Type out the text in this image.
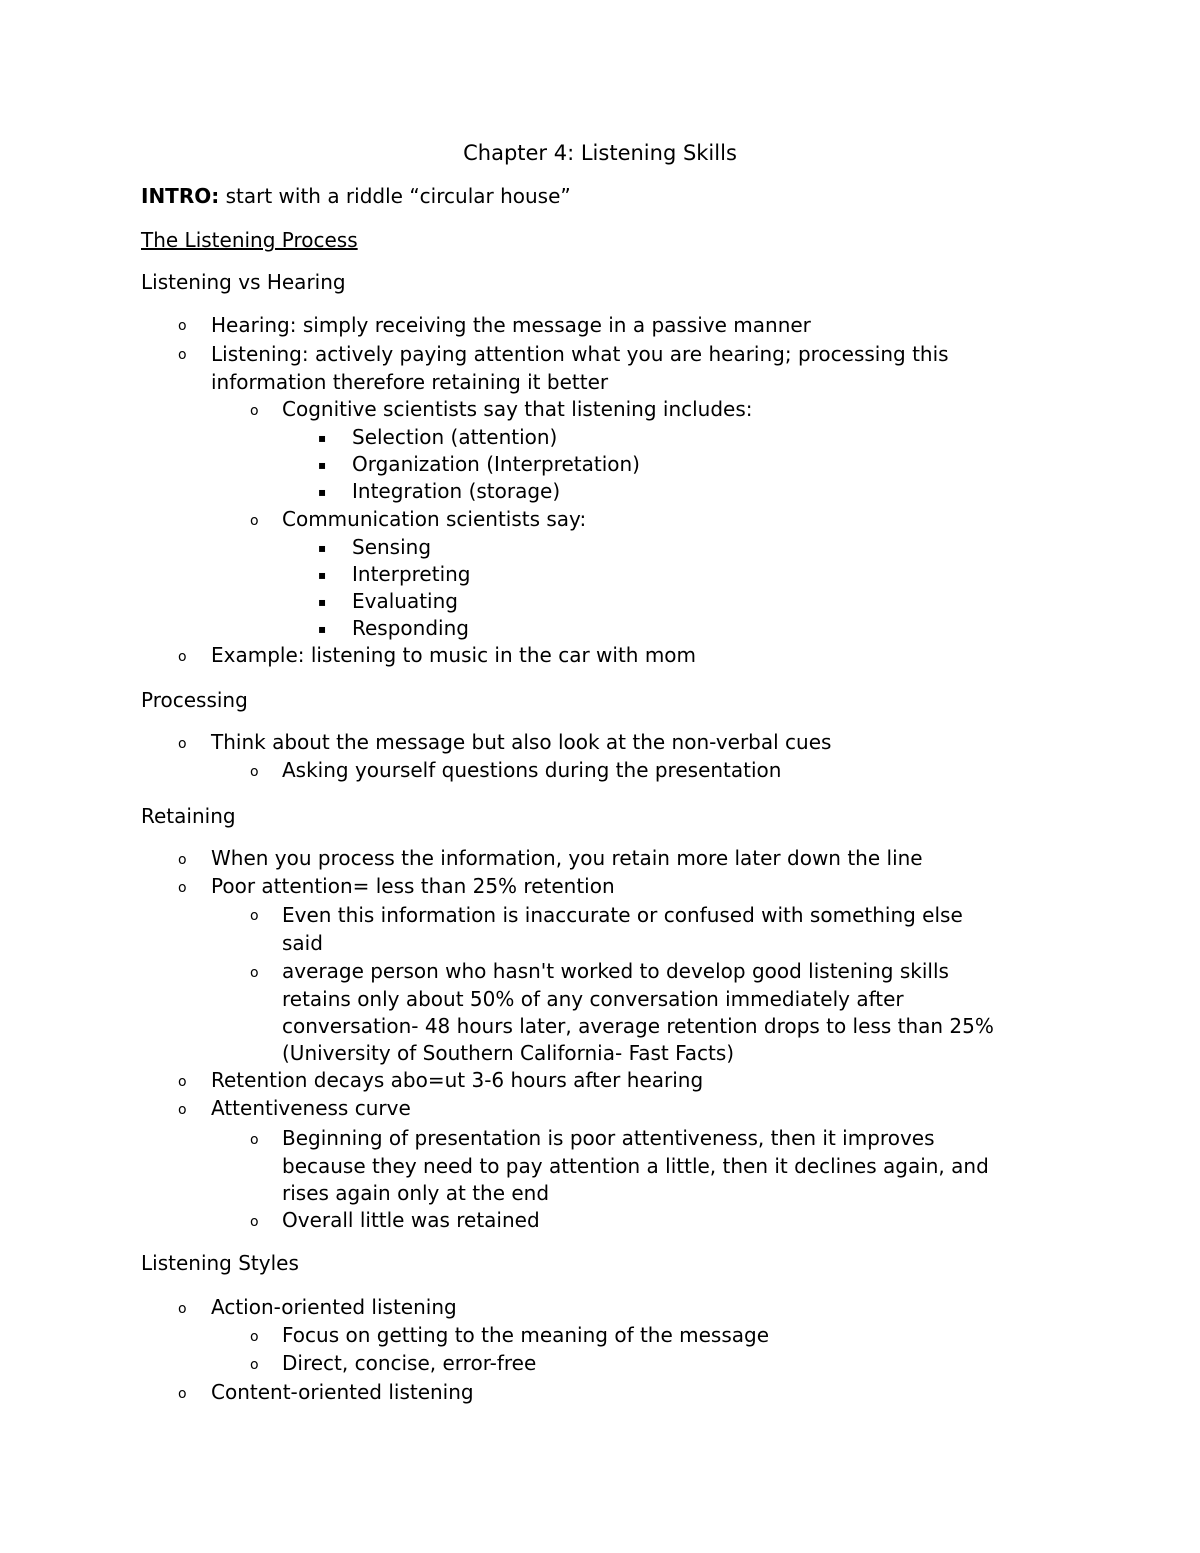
Chapter 4: Listening Skills
INTRO: start with a riddle “circular house”
The Listening Process
Listening vs Hearing
o Hearing: simply receiving the message in a passive manner
o Listening: actively paying attention what you are hearing; processing this
information therefore retaining it better
o Cognitive scientists say that listening includes:
▪ Selection (attention)
▪ Organization (Interpretation)
▪ Integration (storage)
o Communication scientists say:
▪ Sensing
▪ Interpreting
▪ Evaluating
▪ Responding
o Example: listening to music in the car with mom
Processing
o Think about the message but also look at the non-verbal cues
o Asking yourself questions during the presentation
Retaining
o When you process the information, you retain more later down the line
o Poor attention= less than 25% retention
o Even this information is inaccurate or confused with something else
said
o average person who hasn't worked to develop good listening skills
retains only about 50% of any conversation immediately after
conversation- 48 hours later, average retention drops to less than 25%
(University of Southern California- Fast Facts)
o Retention decays abo=ut 3-6 hours after hearing
o Attentiveness curve
o Beginning of presentation is poor attentiveness, then it improves
because they need to pay attention a little, then it declines again, and
rises again only at the end
o Overall little was retained
Listening Styles
o Action-oriented listening
o Focus on getting to the meaning of the message
o Direct, concise, error-free
o Content-oriented listening
